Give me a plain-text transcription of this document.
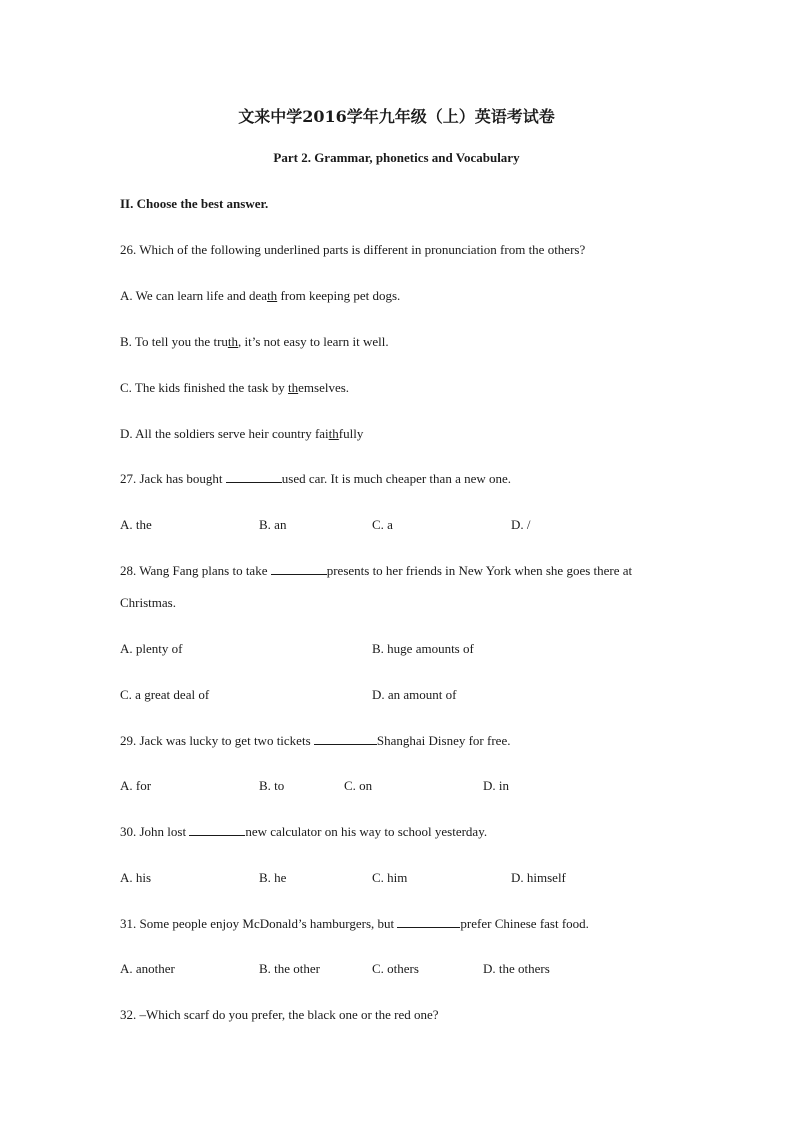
文来中学2016学年九年级（上）英语考试卷
Part 2. Grammar, phonetics and Vocabulary
II. Choose the best answer.
26. Which of the following underlined parts is different in pronunciation from the others?
A. We can learn life and death from keeping pet dogs.
B. To tell you the truth, it’s not easy to learn it well.
C. The kids finished the task by themselves.
D. All the soldiers serve heir country faithfully
27. Jack has bought	used car. It is much cheaper than a new one.
A. the	B. an	C. a	D. /
28. Wang Fang plans to take	presents to her friends in New York when she goes there at
Christmas.
A. plenty of	B. huge amounts of
C. a great deal of	D. an amount of
29. Jack was lucky to get two tickets	Shanghai Disney for free.
A. for	B. to	C. on	D. in
30. John lost	new calculator on his way to school yesterday.
A. his	B. he	C. him	D. himself
31. Some people enjoy McDonald’s hamburgers, but	prefer Chinese fast food.
A. another	B. the other	C. others	D. the others
32. –Which scarf do you prefer, the black one or the red one?
